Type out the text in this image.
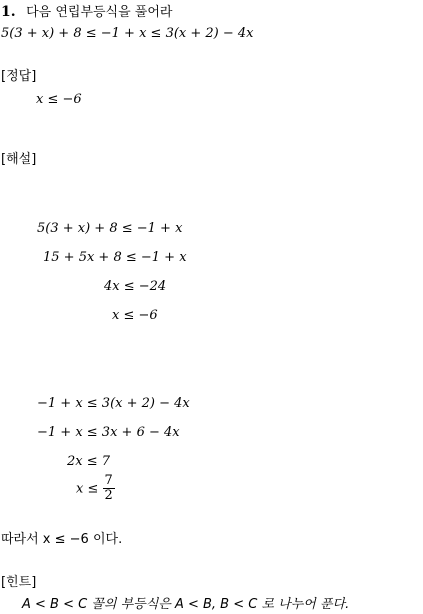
1. 다음 연립부등식을 풀어라
5(3 + x) + 8 ≤ −1 + x ≤ 3(x + 2) − 4x
[정답]
x ≤ −6
[해설]
5(3 + x) + 8 ≤ −1 + x
15 + 5x + 8 ≤ −1 + x
4x ≤ −24
x ≤ −6
−1 + x ≤ 3(x + 2) − 4x
−1 + x ≤ 3x + 6 − 4x
2x ≤ 7
$x \le \frac{7}{2}$
따라서 x ≤ −6 이다.
[힌트]
A < B < C 꼴의 부등식은 A < B, B < C 로 나누어 푼다.
